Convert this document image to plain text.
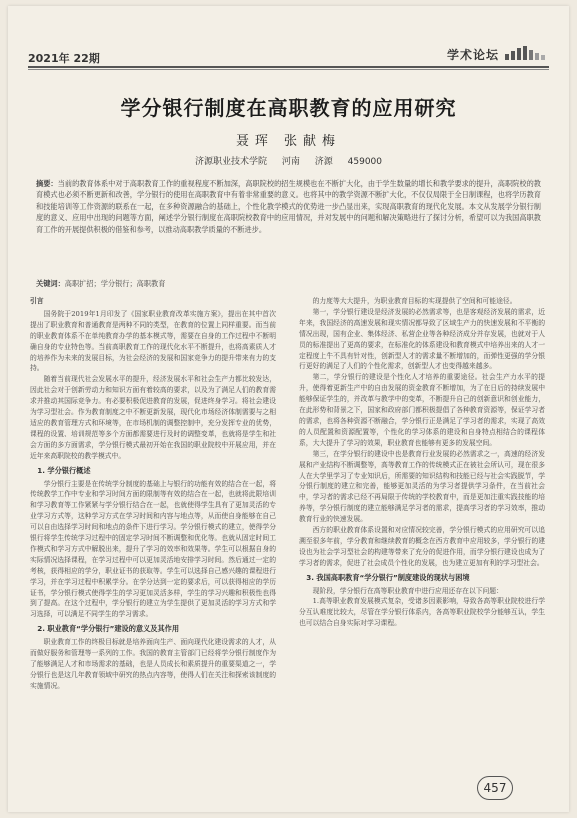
2021年 22期	学术论坛
学分银行制度在高职教育的应用研究
聂珲 张献梅
济源职业技术学院 河南 济源 459000
摘要：当前的教育体系中对于高职教育工作的重视程度不断加深，高职院校的招生规模也在不断扩大化，由于学生数量的增长和教学要求的提升，高职院校的教育模式也必须不断更新和改善，学分银行的使用在高职教育中有着非常重要的意义。也将其中的教学资源不断扩大化，不仅仅局限于全日制课程，也将学历教育和技能培训等工作资源的联系在一起，在多种资源融合的基础上，个性化教学模式的优势进一步凸显出来，实现高职教育的现代化发展。本文从发展学分银行制度的意义、应用中出现的问题等方面，阐述学分银行制度在高职院校教育中的应用情况，并对发展中的问题和解决策略进行了探讨分析，希望可以为我国高职教育工作的开展提供积极的借鉴和参考，以推动高职教学质量的不断进步。
关键词：高职扩招；学分银行；高职教育

引言

国务院于2019年1月印发了《国家职业教育改革实施方案》，提出在其中首次提出了职业教育和普通教育是两种不同的类型，在教育的位置上同样重要。而当前的职业教育体系不在单纯教育办学的基本模式等，需要在自身的工作过程中不断明确自身的专业特色等。当前高职教育工作的现代化水平不断提升，也将高素质人才的培养作为未来的发展目标，为社会经济的发展和国家竞争力的提升带来有力的支持。

随着当前现代社会发展水平的提升，经济发展水平和社会生产力都比较发达，因此社会对于创新劳动力和知识方面有着较高的要求，以及为了满足人们的教育需求并推动其国际竞争力。有必要积极促进教育的发展，促进终身学习。将社会建设为学习型社会。作为教育制度之中不断更新发展，现代化市场经济体制需要与之相适应的教育管理方式和环境等，在市场机制的调整控制中，充分发挥专业的优势，课程的设置、培训规范等多个方面都需要进行及时的调整变革，也就将是学生和社会方面的多方面需求，学分银行模式最初开始在我国的职业院校中开展应用，并在近年来高职院校的教学模式中。

1. 学分银行概述

学分银行主要是在传统学分制度的基础上与银行的功能有效的结合在一起，将传统教学工作中专业和学习时间方面的限制等有效的结合在一起，也就将此限培训和学习教育等工作紧紧与学分银行结合在一起，也就使得学生具有了更加灵活的专业学习方式等，这种学习方式在学习时间和内容与地点等，从而使自身能够在自己可以自由选择学习时间和地点的条件下进行学习。学分银行模式的建立，使得学分银行将学生传统学习过程中的固定学习时间不断调整和优化等。也就从固定时间工作模式和学习方式中解脱出来，提升了学习的效率和效果等。学生可以根据自身的实际情况选择课程，在学习过程中可以更加灵活地安排学习时间。然后通过一定的考核，获得相应的学分，职业证书的获取等。学生可以选择自己感兴趣的课程进行学习，并在学习过程中积累学分。在学分达到一定的要求后，可以获得相应的学历证书，学分银行模式使得学生的学习更加灵活多样，学生的学习兴趣和积极性也得到了提高。在这个过程中，学分银行的建立为学生提供了更加灵活的学习方式和学习选择，可以满足不同学生的学习需求。

2. 职业教育“学分银行”建设的意义及其作用

职业教育工作的终极目标就是培养面向生产、面向现代化建设需求的人才，从而做好服务和管理等一系列的工作。我国的教育主管部门已经将学分银行制度作为了能够满足人才和市场需求的基础，也是人员成长和素质提升的重要渠道之一，学分银行也是这几年教育领域中研究的热点内容等，使得人们在关注和探索该制度的实施情况。

的力度等大大提升，为职业教育目标的实现提供了空间和可能途径。

第一，学分银行建设是经济发展的必然需求等，也是客观经济发展的需求，近年来，我国经济的高速发展和现实情况都导致了区域生产力的快速发展和不平衡的情况出现，国有企业、集体经济、私营企业等各种经济成分并存发展，也就对于人员的标准提出了更高的要求，在标准化的体系建设和教育模式中培养出来的人才一定程度上牛不具有针对性，创新型人才的需求量不断增加的，而弹性更强的学分银行更好的满足了人们的个性化需求，创新型人才也变得越来越多。

第二，学分银行的建设是个性化人才培养的重要途径。社会生产力水平的提升，使得着更新生产中的自由发展的资金教育不断增加，为了在日后的持续发展中能够保证学生的，并改革与教学中的变革，不断提升自己的创新意识和创业能力，在此形势和背景之下，国家和政府部门都积极提倡了各种教育资源等，保证学习者的需求，也将各种资源不断融合，学分银行正是满足了学习者的需求，实现了高效的人员配置和资源配置等，个性化的学习体系的建设和自身特点相结合的课程体系，大大提升了学习的效果，职业教育也能够有更多的发展空间。

第三，在学分银行的建设中也是教育行业发展的必然需求之一，高速的经济发展和产业结构不断调整等，高等教育工作的传统模式正在被社会所认可，现在很多人在大学里学习了专业知识后，所需要的知识结构和技能已经与社会实践脱节，学分银行制度的建立和完善，能够更加灵活的为学习者提供学习条件，在当前社会中，学习者的需求已经不再局限于传统的学校教育中，而是更加注重实践技能的培养等，学分银行制度的建立能够满足学习者的需求，提高学习者的学习效率，推动教育行业的快速发展。

西方的职业教育体系设置和对应情况较完善，学分银行模式的应用研究可以追溯至很多年前，学分教育和继续教育的概念在西方教育中应用较多，学分银行的建设也为社会学习型社会的构建等带来了充分的促进作用，而学分银行建设也成为了学习者的需求，促进了社会成员个性化的发展，也为建立更加有利的学习型社会。

3. 我国高职教育“学分银行”制度建设的现状与困境

现阶段，学分银行在高等职业教育中进行应用还存在以下问题：

1.高等职业教育发展模式复杂，受诸多因素影响，导致各高等职业院校进行学分互认难度比较大，尽管在学分银行体系内，各高等职业院校学分能够互认，学生也可以结合自身实际对学习课程。

457
